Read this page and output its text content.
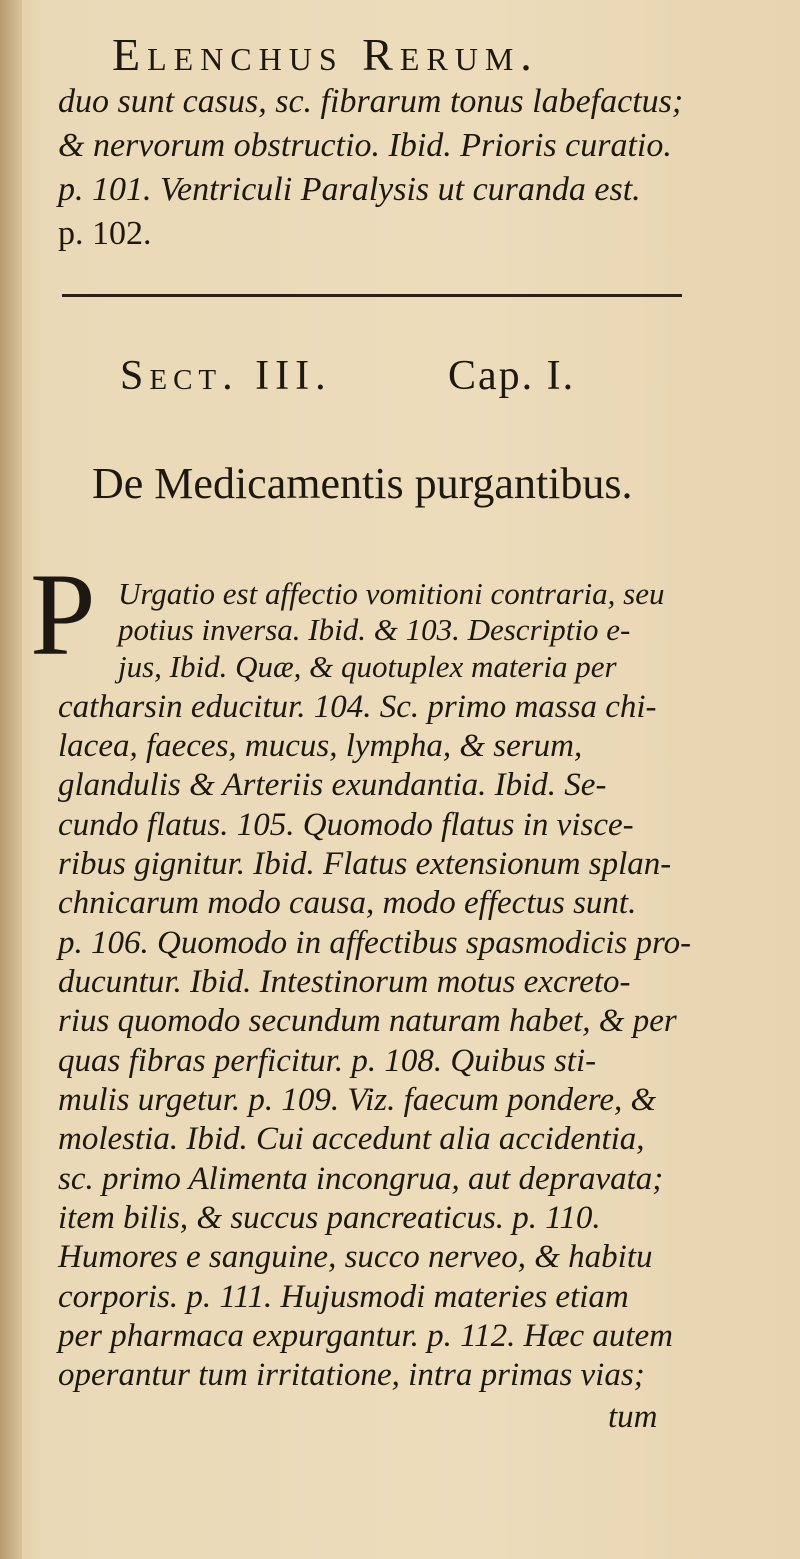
Elenchus Rerum.
duo sunt casus, sc. fibrarum tonus labefactus;
& nervorum obstructio. Ibid. Prioris curatio.
p. 101. Ventriculi Paralysis ut curanda est.
p. 102.
Sect. III.	Cap. I.
De Medicamentis purgantibus.
P Urgatio est affectio vomitioni contraria, seu
potius inversa. Ibid. & 103. Descriptio e-
jus, Ibid. Quæ, & quotuplex materia per
catharsin educitur. 104. Sc. primo massa chi-
lacea, faeces, mucus, lympha, & serum,
glandulis & Arteriis exundantia. Ibid. Se-
cundo flatus. 105. Quomodo flatus in visce-
ribus gignitur. Ibid. Flatus extensionum splan-
chnicarum modo causa, modo effectus sunt.
p. 106. Quomodo in affectibus spasmodicis pro-
ducuntur. Ibid. Intestinorum motus excreto-
rius quomodo secundum naturam habet, & per
quas fibras perficitur. p. 108. Quibus sti-
mulis urgetur. p. 109. Viz. faecum pondere, &
molestia. Ibid. Cui accedunt alia accidentia,
sc. primo Alimenta incongrua, aut depravata;
item bilis, & succus pancreaticus. p. 110.
Humores e sanguine, succo nerveo, & habitu
corporis. p. 111. Hujusmodi materies etiam
per pharmaca expurgantur. p. 112. Hæc autem
operantur tum irritatione, intra primas vias;
tum
